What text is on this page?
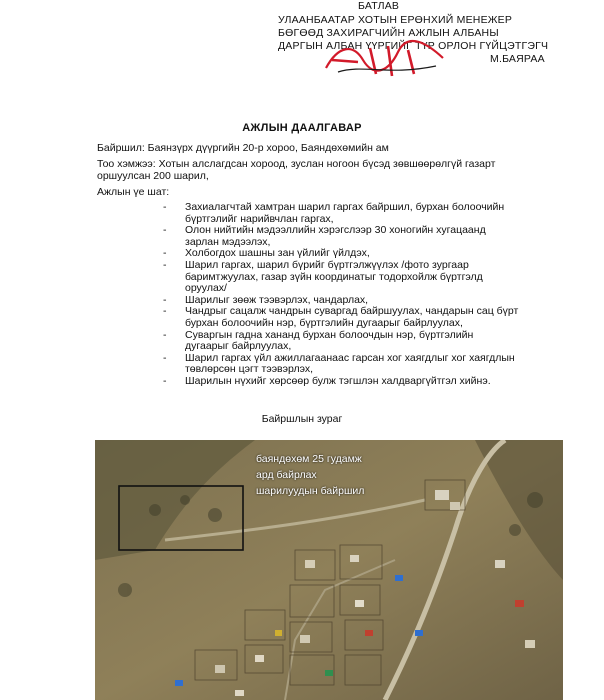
БАТЛАВ
УЛААНБААТАР ХОТЫН ЕРӨНХИЙ МЕНЕЖЕР
БӨГӨӨД ЗАХИРАГЧИЙН АЖЛЫН АЛБАНЫ
ДАРГЫН АЛБАН ҮҮРГИЙГ ТҮР ОРЛОН ГҮЙЦЭТГЭГЧ
М.БАЯРАА
АЖЛЫН ДААЛГАВАР
Байршил: Баянзүрх дүүргийн 20-р хороо, Баяндөхөмийн ам
Тоо хэмжээ: Хотын алслагдсан хороод, зуслан ногоон бүсэд зөвшөөрөлгүй газарт
оршуулсан 200 шарил,
Ажлын үе шат:
- Захиалагчтай хамтран шарил гаргах байршил, бурхан болоочийн
бүртгэлийг нарийвчлан гаргах,
- Олон нийтийн мэдээллийн хэрэгслээр 30 хоногийн хугацаанд
зарлан мэдээлэх,
- Холбогдох шашны зан үйлийг үйлдэх,
- Шарил гаргах, шарил бүрийг бүртгэлжүүлэх /фото зургаар
баримтжуулах, газар зүйн координатыг тодорхойлж бүртгэлд
оруулах/
- Шарилыг зөөж тээвэрлэх, чандарлах,
- Чандрыг сацалж чандрын суваргад байршуулах, чандарын сац бүрт
бурхан болоочийн нэр, бүртгэлийн дугаарыг байрлуулах,
- Суваргын гадна хананд бурхан болоочдын нэр, бүртгэлийн
дугаарыг байрлуулах,
- Шарил гаргах үйл ажиллагаанаас гарсан хог хаягдлыг хог хаягдлын
төвлөрсөн цэгт тээвэрлэх,
- Шарилын нүхийг хөрсөөр булж тэгшлэн халдваргүйтгэл хийнэ.
Байршлын зураг
баяндөхөм 25 гудамж
ард байрлах
шарилуудын байршил
